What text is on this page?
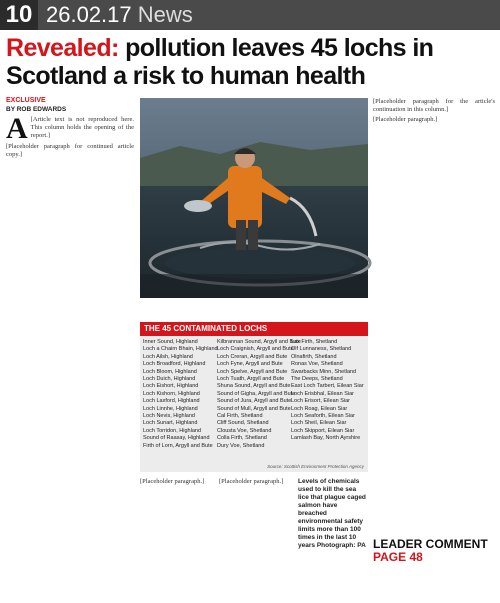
10 26.02.17 News
Revealed: pollution leaves 45 lochs in Scotland a risk to human health
EXCLUSIVE
BY ROB EDWARDS
A [Article text is not reproduced here. This column holds the opening of the report.]

[Placeholder paragraph for continued article copy.]

[Placeholder paragraph for the article's continuation in this column.]

[Placeholder paragraph.]

THE 45 CONTAMINATED LOCHS
Inner Sound, Highland
Loch a Chairn Bhain, Highland
Loch Ailsh, Highland
Loch Broadford, Highland
Loch Bloom, Highland
Loch Duich, Highland
Loch Eishort, Highland
Loch Kishorn, Highland
Loch Laxford, Highland
Loch Linnhe, Highland
Loch Nevis, Highland
Loch Sunart, Highland
Loch Torridon, Highland
Sound of Raasay, Highland
Firth of Lorn, Argyll and Bute
Kilbrannan Sound, Argyll and Bute
Loch Craignish, Argyll and Bute
Loch Creran, Argyll and Bute
Loch Fyne, Argyll and Bute
Loch Spelve, Argyll and Bute
Loch Tuath, Argyll and Bute
Shuna Sound, Argyll and Bute
Sound of Gigha, Argyll and Bute
Sound of Jura, Argyll and Bute
Sound of Mull, Argyll and Bute
Cal Firth, Shetland
Cliff Sound, Shetland
Clousta Voe, Shetland
Colla Firth, Shetland
Dury Voe, Shetland
Lax Firth, Shetland
Olf Lunnaness, Shetland
Olnafirth, Shetland
Ronas Voe, Shetland
Swarbacks Minn, Shetland
The Deeps, Shetland
East Loch Tarbert, Eilean Siar
Loch Erisbhal, Eilean Siar
Loch Erisort, Eilean Siar
Loch Roag, Eilean Siar
Loch Seaforth, Eilean Siar
Loch Sheil, Eilean Siar
Loch Skipport, Eilean Siar
Lamlash Bay, North Ayrshire
Source: Scottish Environment Protection Agency

[Placeholder paragraph.]	[Placeholder paragraph.]	Levels of chemicals used to kill the sea lice that plague caged salmon have breached environmental safety limits more than 100 times in the last 10 years Photograph: PA LEADER COMMENT
PAGE 48
